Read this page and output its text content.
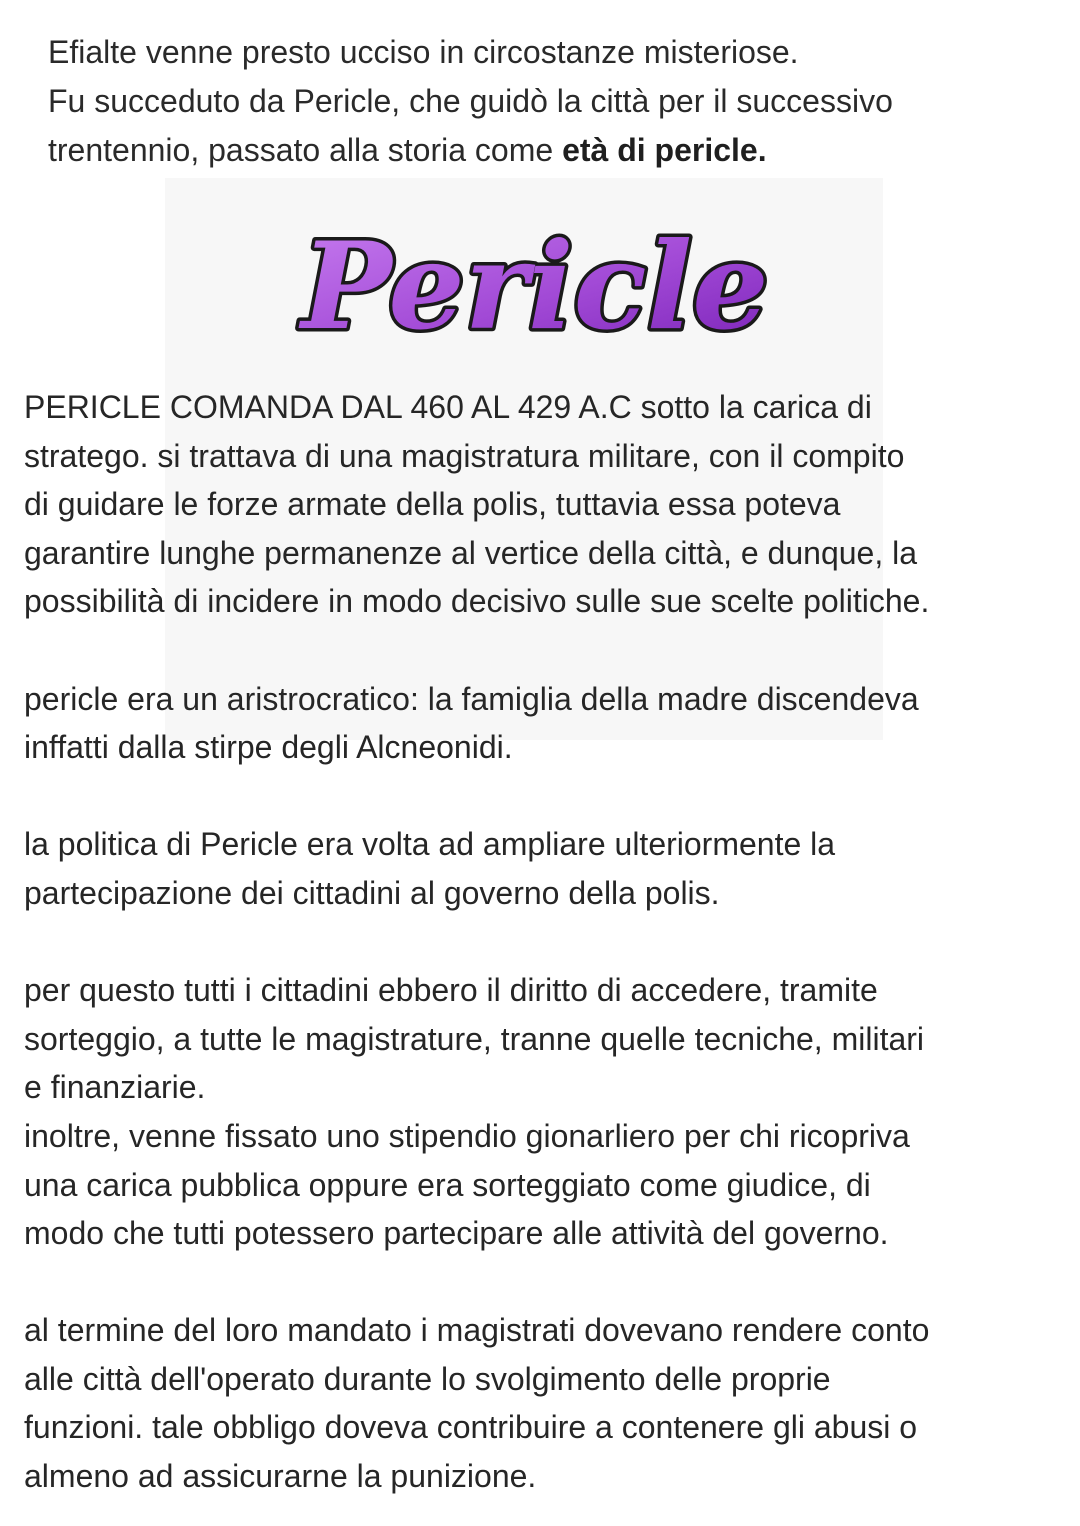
Efialte venne presto ucciso in circostanze misteriose.

Fu succeduto da Pericle, che guidò la città per il successivo

trentennio, passato alla storia come età di pericle.

Pericle

PERICLE COMANDA DAL 460 AL 429 A.C sotto la carica di

stratego. si trattava di una magistratura militare, con il compito

di guidare le forze armate della polis, tuttavia essa poteva

garantire lunghe permanenze al vertice della città, e dunque, la

possibilità di incidere in modo decisivo sulle sue scelte politiche.

pericle era un aristrocratico: la famiglia della madre discendeva

inffatti dalla stirpe degli Alcneonidi.

la politica di Pericle era volta ad ampliare ulteriormente la

partecipazione dei cittadini al governo della polis.

per questo tutti i cittadini ebbero il diritto di accedere, tramite

sorteggio, a tutte le magistrature, tranne quelle tecniche, militari

e finanziarie.

inoltre, venne fissato uno stipendio gionarliero per chi ricopriva

una carica pubblica oppure era sorteggiato come giudice, di

modo che tutti potessero partecipare alle attività del governo.

al termine del loro mandato i magistrati dovevano rendere conto

alle città dell'operato durante lo svolgimento delle proprie

funzioni. tale obbligo doveva contribuire a contenere gli abusi o

almeno ad assicurarne la punizione.
